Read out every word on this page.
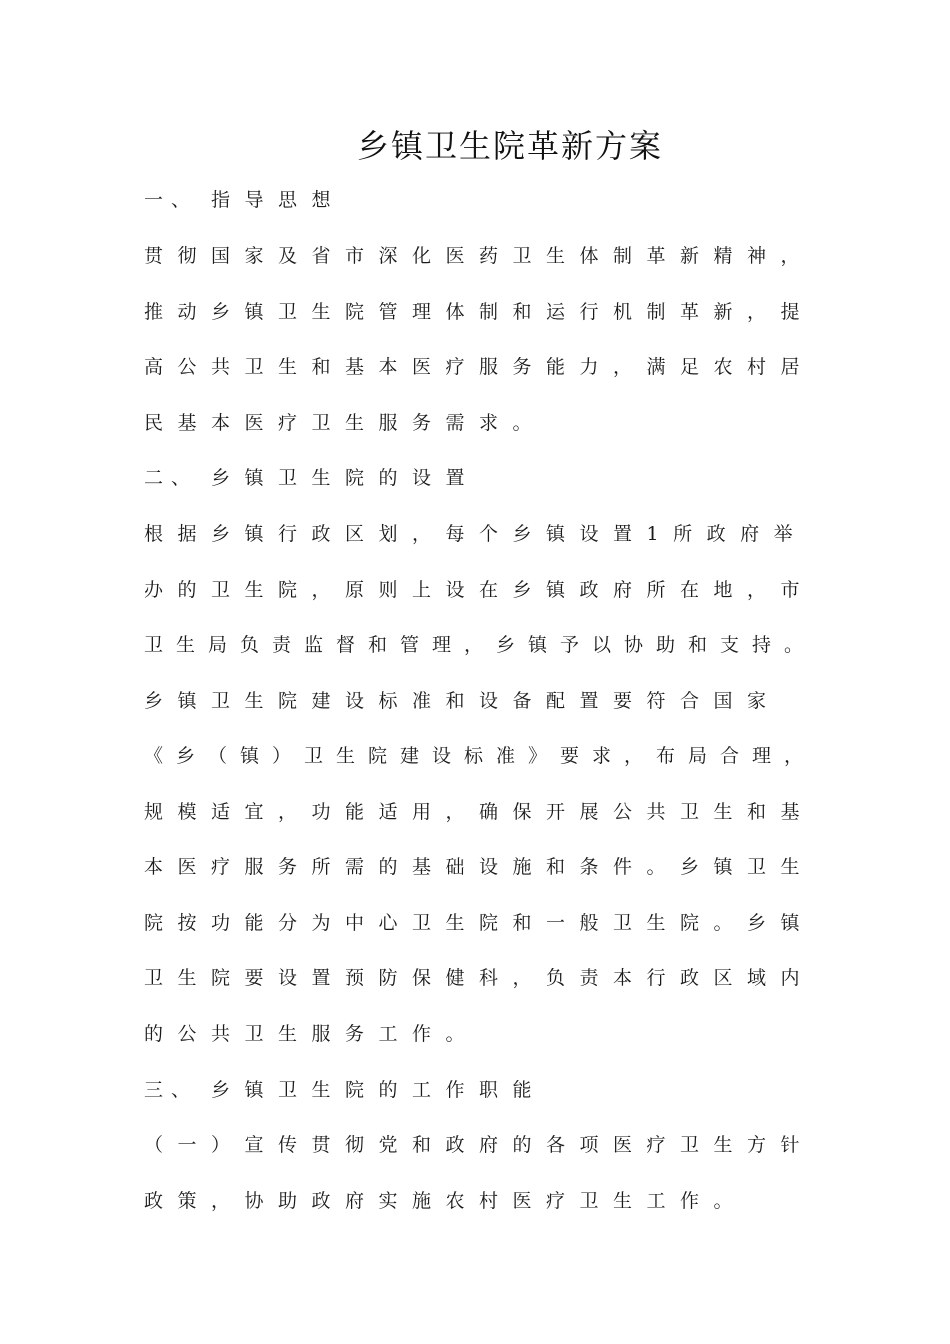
乡镇卫生院革新方案
一、 指导思想
贯彻国家及省市深化医药卫生体制革新精神，
推动乡镇卫生院管理体制和运行机制革新，提
高公共卫生和基本医疗服务能力，满足农村居
民基本医疗卫生服务需求。
二、 乡镇卫生院的设置
根据乡镇行政区划，每个乡镇设置1所政府举
办的卫生院，原则上设在乡镇政府所在地，市
卫生局负责监督和管理，乡镇予以协助和支持。
乡镇卫生院建设标准和设备配置要符合国家
《乡（镇）卫生院建设标准》要求，布局合理，
规模适宜，功能适用，确保开展公共卫生和基
本医疗服务所需的基础设施和条件。乡镇卫生
院按功能分为中心卫生院和一般卫生院。乡镇
卫生院要设置预防保健科，负责本行政区域内
的公共卫生服务工作。
三、 乡镇卫生院的工作职能
（一）宣传贯彻党和政府的各项医疗卫生方针
政策，协助政府实施农村医疗卫生工作。
